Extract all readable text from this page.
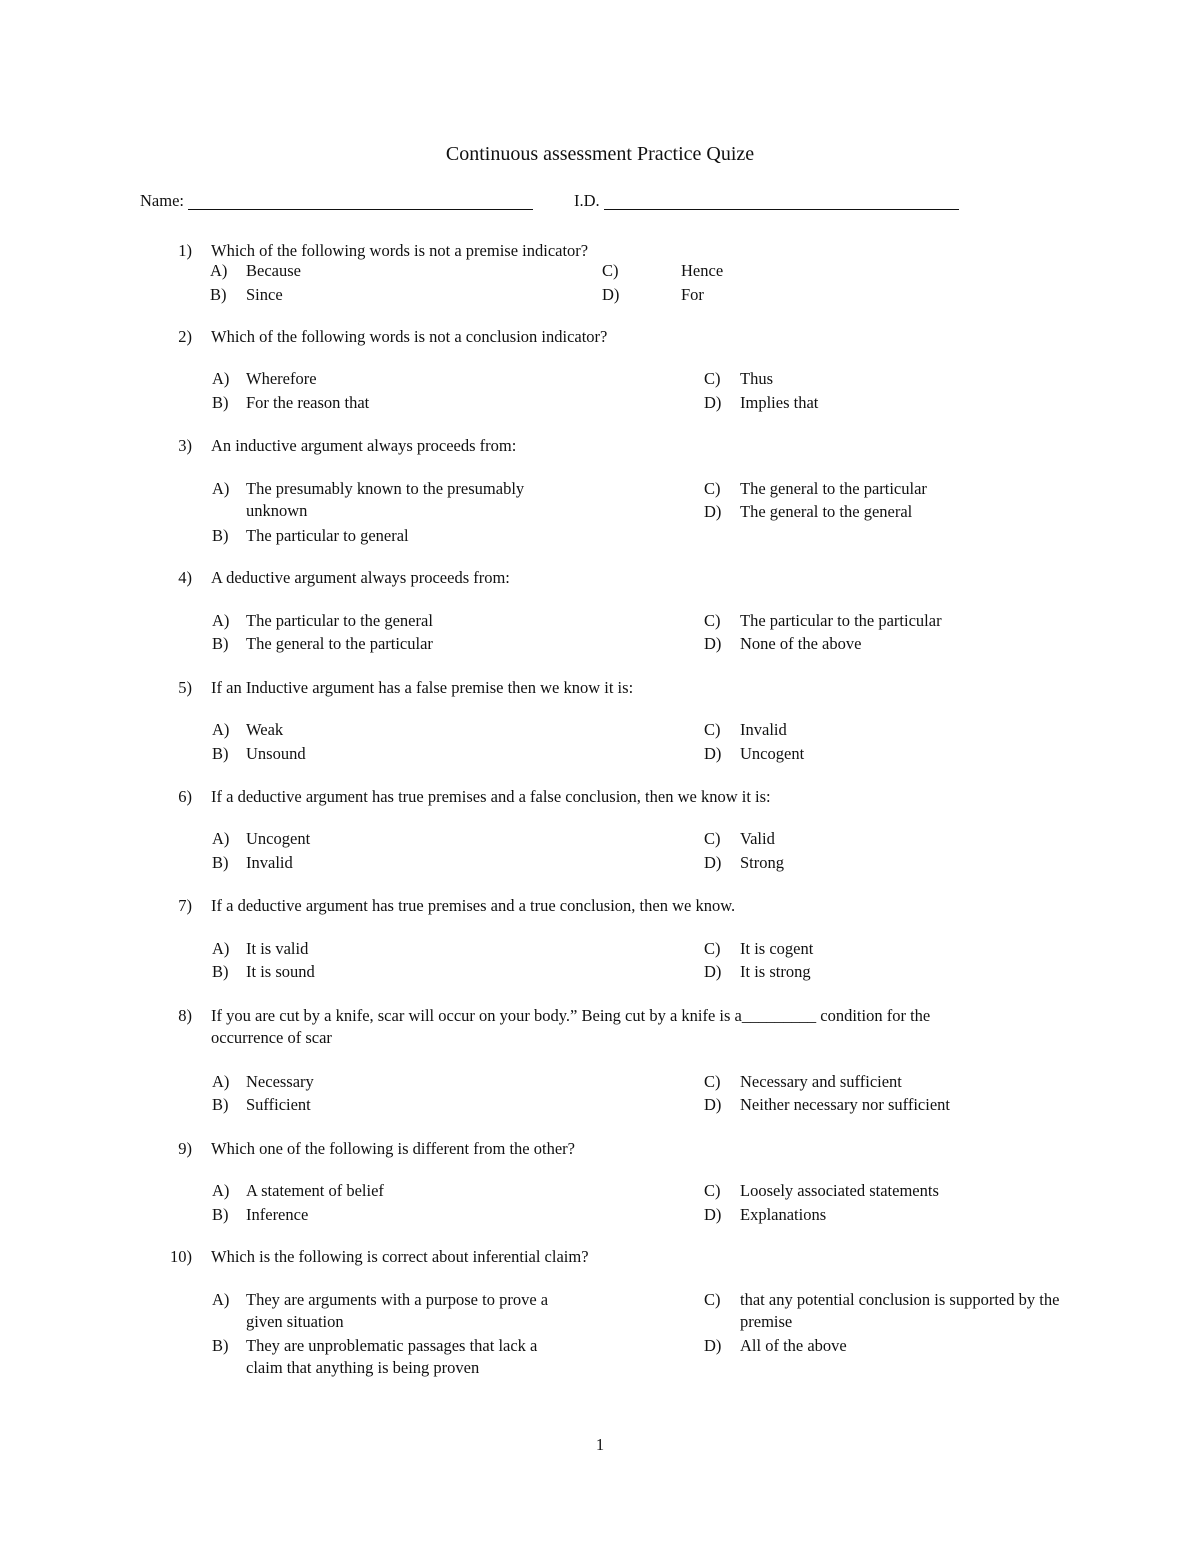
Continuous assessment Practice Quize
Name:	I.D.
1) Which of the following words is not a premise indicator?
A) Because
B) Since
C)	Hence
D)	For
2) Which of the following words is not a conclusion indicator?
A) Wherefore
B) For the reason that
C) Thus
D) Implies that
3) An inductive argument always proceeds from:
A) The presumably known to the presumably unknown
B) The particular to general
C) The general to the particular
D) The general to the general
4) A deductive argument always proceeds from:
A) The particular to the general
B) The general to the particular
C) The particular to the particular
D) None of the above
5) If an Inductive argument has a false premise then we know it is:
A) Weak
B) Unsound
C) Invalid
D) Uncogent
6) If a deductive argument has true premises and a false conclusion, then we know it is:
A) Uncogent
B) Invalid
C) Valid
D) Strong
7) If a deductive argument has true premises and a true conclusion, then we know.
A) It is valid
B) It is sound
C) It is cogent
D) It is strong
8) If you are cut by a knife, scar will occur on your body.” Being cut by a knife is a_________ condition for the occurrence of scar
A) Necessary
B) Sufficient
C) Necessary and sufficient
D) Neither necessary nor sufficient
9) Which one of the following is different from the other?
A) A statement of belief
B) Inference
C) Loosely associated statements
D) Explanations
10) Which is the following is correct about inferential claim?
A) They are arguments with a purpose to prove a given situation
B) They are unproblematic passages that lack a claim that anything is being proven
C) that any potential conclusion is supported by the premise
D) All of the above
1
